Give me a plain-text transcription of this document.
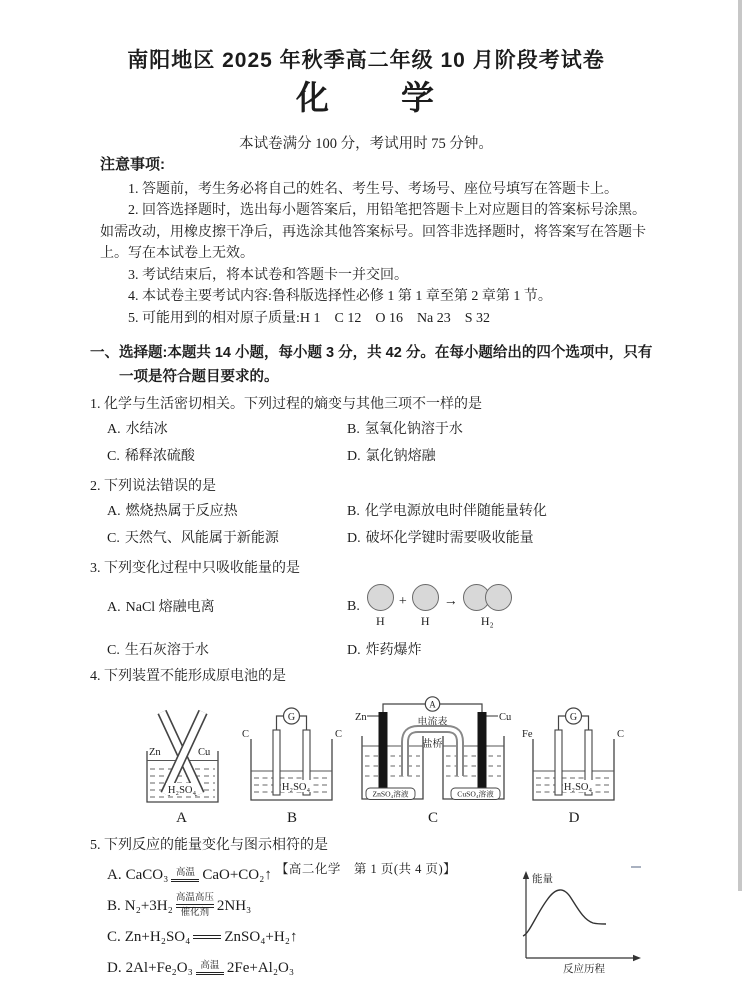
南阳地区 2025 年秋季高二年级 10 月阶段考试卷
化　　学
本试卷满分 100 分，考试用时 75 分钟。

注意事项:

1. 答题前，考生务必将自己的姓名、考生号、考场号、座位号填写在答题卡上。

2. 回答选择题时，选出每小题答案后，用铅笔把答题卡上对应题目的答案标号涂黑。如需改动，用橡皮擦干净后，再选涂其他答案标号。回答非选择题时，将答案写在答题卡上。写在本试卷上无效。

3. 考试结束后，将本试卷和答题卡一并交回。

4. 本试卷主要考试内容:鲁科版选择性必修 1 第 1 章至第 2 章第 1 节。

5. 可能用到的相对原子质量:H 1　C 12　O 16　Na 23　S 32

一、选择题:本题共 14 小题，每小题 3 分，共 42 分。在每小题给出的四个选项中，只有一项是符合题目要求的。
1. 化学与生活密切相关。下列过程的熵变与其他三项不一样的是
A. 水结冰	B. 氢氧化钠溶于水
C. 稀释浓硫酸	D. 氯化钠熔融
2. 下列说法错误的是
A. 燃烧热属于反应热	B. 化学电源放电时伴随能量转化
C. 天然气、风能属于新能源	D. 破坏化学键时需要吸收能量
3. 下列变化过程中只吸收能量的是
A. NaCl 熔融电离	B.
H
+
H
→
H₂
C. 生石灰溶于水	D. 炸药爆炸
4. 下列装置不能形成原电池的是
Zn	Cu
H₂SO₄
A
G
C	C
H₂SO₄
B
A
电流表
盐桥
Zn	Cu
ZnSO₄溶液	CuSO₄溶液
C
G
Fe	C
H₂SO₄
D
5. 下列反应的能量变化与图示相符的是
A. CaCO₃ 高温 CaO+CO₂↑
B. N₂+3H₂ 高温高压
催化剂 2NH₃
C. Zn+H₂SO₄ ZnSO₄+H₂↑
D. 2Al+Fe₂O₃ 高温 2Fe+Al₂O₃
能量
反应历程
【高二化学　第 1 页(共 4 页)】
